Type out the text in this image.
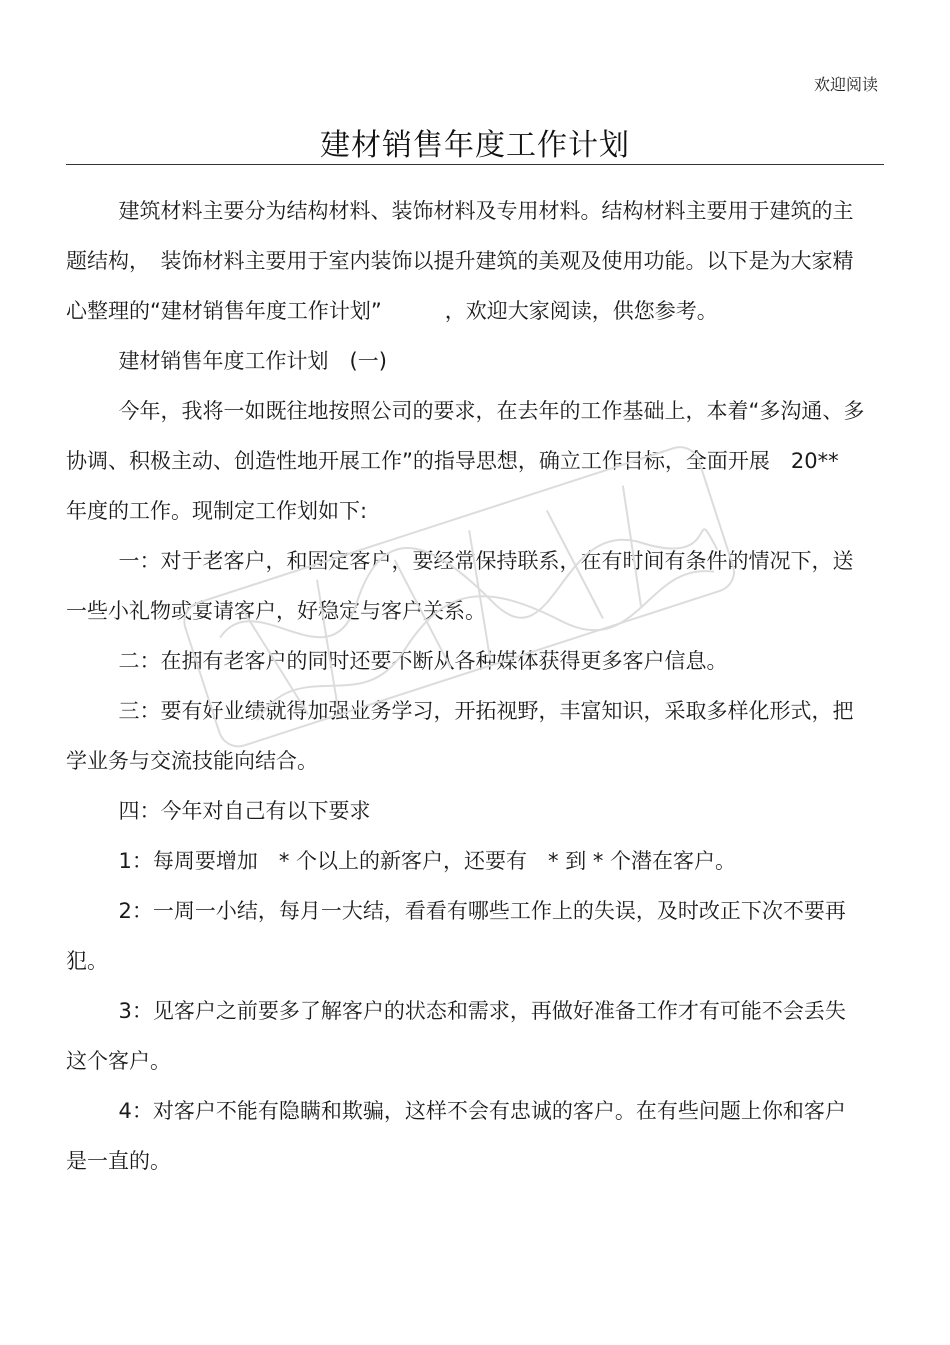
欢迎阅读
建材销售年度工作计划

建筑材料主要分为结构材料、装饰材料及专用材料。结构材料主要用于建筑的主题结构，　装饰材料主要用于室内装饰以提升建筑的美观及使用功能。以下是为大家精心整理的“建材销售年度工作计划”　　　，欢迎大家阅读，供您参考。

建材销售年度工作计划　(一)

今年，我将一如既往地按照公司的要求，在去年的工作基础上，本着“多沟通、多协调、积极主动、创造性地开展工作”的指导思想，确立工作目标，全面开展　20** 年度的工作。现制定工作划如下:

一：对于老客户，和固定客户，要经常保持联系，在有时间有条件的情况下，送一些小礼物或宴请客户，好稳定与客户关系。

二：在拥有老客户的同时还要不断从各种媒体获得更多客户信息。

三：要有好业绩就得加强业务学习，开拓视野，丰富知识，采取多样化形式，把学业务与交流技能向结合。

四：今年对自己有以下要求

1：每周要增加　* 个以上的新客户，还要有　* 到 * 个潜在客户。

2：一周一小结，每月一大结，看看有哪些工作上的失误，及时改正下次不要再犯。

3：见客户之前要多了解客户的状态和需求，再做好准备工作才有可能不会丢失这个客户。

4：对客户不能有隐瞒和欺骗，这样不会有忠诚的客户。在有些问题上你和客户是一直的。
